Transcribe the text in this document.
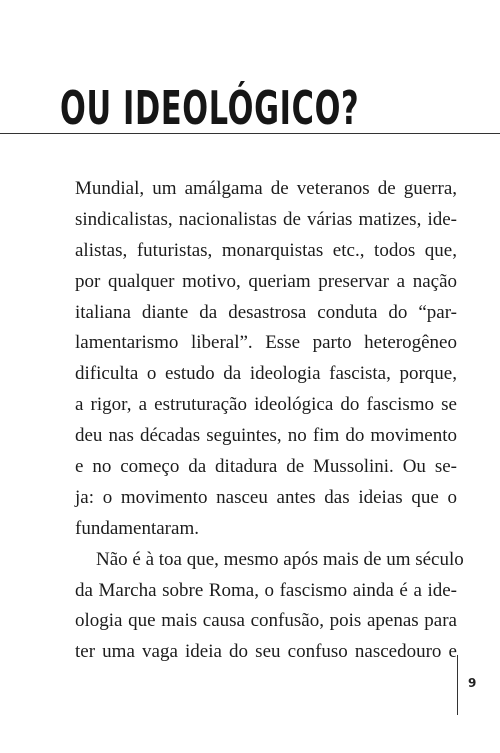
OU IDEOLÓGICO?
Mundial, um amálgama de veteranos de guerra,
sindicalistas, nacionalistas de várias matizes, ide-
alistas, futuristas, monarquistas etc., todos que,
por qualquer motivo, queriam preservar a nação
italiana diante da desastrosa conduta do “par-
lamentarismo liberal”. Esse parto heterogêneo
dificulta o estudo da ideologia fascista, porque,
a rigor, a estruturação ideológica do fascismo se
deu nas décadas seguintes, no fim do movimento
e no começo da ditadura de Mussolini. Ou se-
ja: o movimento nasceu antes das ideias que o
fundamentaram.
Não é à toa que, mesmo após mais de um século
da Marcha sobre Roma, o fascismo ainda é a ide-
ologia que mais causa confusão, pois apenas para
ter uma vaga ideia do seu confuso nascedouro e
9
